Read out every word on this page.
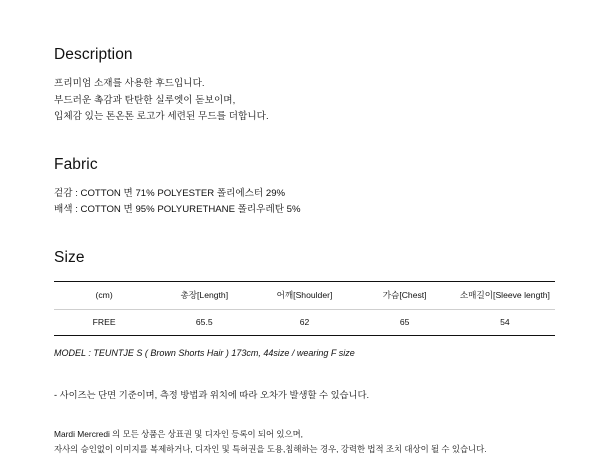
Description
프리미엄 소재를 사용한 후드입니다.
부드러운 촉감과 탄탄한 실루엣이 돋보이며,
입체감 있는 톤온톤 로고가 세련된 무드를 더합니다.
Fabric
겉감 : COTTON 면 71% POLYESTER 폴리에스터 29%
배색 : COTTON 면 95% POLYURETHANE 폴리우레탄 5%
Size
(cm)	총장[Length]	어깨[Shoulder]	가슴[Chest]	소매길이[Sleeve length]
FREE	65.5	62	65	54
MODEL : TEUNTJE S ( Brown Shorts Hair ) 173cm, 44size / wearing F size
- 사이즈는 단면 기준이며, 측정 방법과 위치에 따라 오차가 발생할 수 있습니다.
Mardi Mercredi 의 모든 상품은 상표권 및 디자인 등록이 되어 있으며,
자사의 승인없이 이미지를 복제하거나, 디자인 및 특허권을 도용,침해하는 경우, 강력한 법적 조치 대상이 될 수 있습니다.
